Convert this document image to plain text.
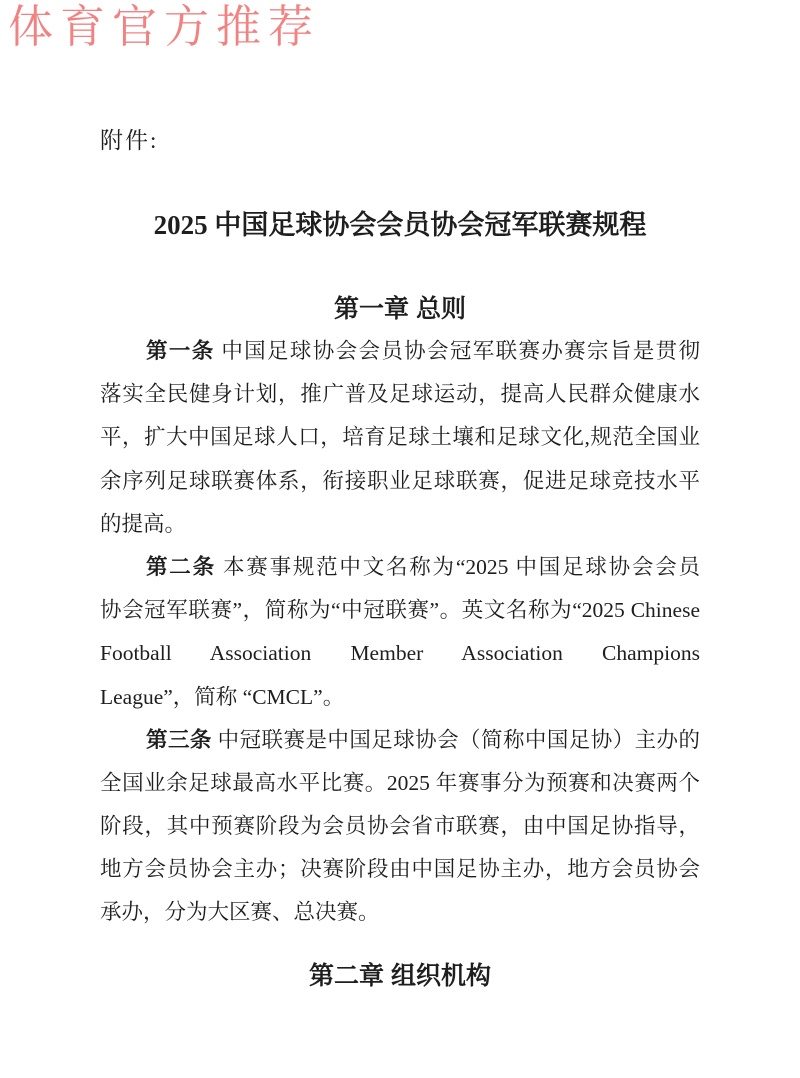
体育官方推荐
附件:
2025 中国足球协会会员协会冠军联赛规程
第一章 总则
第一条 中国足球协会会员协会冠军联赛办赛宗旨是贯彻
落实全民健身计划，推广普及足球运动，提高人民群众健康水
平，扩大中国足球人口，培育足球土壤和足球文化,规范全国业
余序列足球联赛体系，衔接职业足球联赛，促进足球竞技水平
的提高。
第二条 本赛事规范中文名称为“2025 中国足球协会会员
协会冠军联赛”，简称为“中冠联赛”。英文名称为“2025 Chinese
Football Association Member Association Champions
League”，简称 “CMCL”。
第三条 中冠联赛是中国足球协会（简称中国足协）主办的
全国业余足球最高水平比赛。2025 年赛事分为预赛和决赛两个
阶段，其中预赛阶段为会员协会省市联赛，由中国足协指导，
地方会员协会主办；决赛阶段由中国足协主办，地方会员协会
承办，分为大区赛、总决赛。
第二章 组织机构
